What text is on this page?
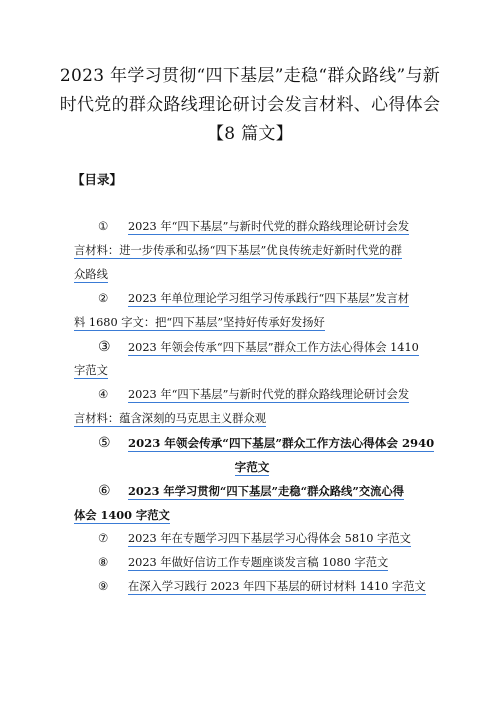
2023 年学习贯彻“四下基层”走稳“群众路线”与新
时代党的群众路线理论研讨会发言材料、心得体会
【8 篇文】
【目录】
① 2023 年“四下基层”与新时代党的群众路线理论研讨会发
言材料：进一步传承和弘扬“四下基层”优良传统走好新时代党的群
众路线
② 2023 年单位理论学习组学习传承践行“四下基层”发言材
料 1680 字文：把“四下基层”坚持好传承好发扬好
③ 2023 年领会传承“四下基层”群众工作方法心得体会 1410
字范文
④ 2023 年“四下基层”与新时代党的群众路线理论研讨会发
言材料：蕴含深刻的马克思主义群众观
⑤ 2023 年领会传承“四下基层”群众工作方法心得体会 2940
字范文
⑥ 2023 年学习贯彻“四下基层”走稳“群众路线”交流心得
体会 1400 字范文
⑦ 2023 年在专题学习四下基层学习心得体会 5810 字范文
⑧ 2023 年做好信访工作专题座谈发言稿 1080 字范文
⑨ 在深入学习践行 2023 年四下基层的研讨材料 1410 字范文
